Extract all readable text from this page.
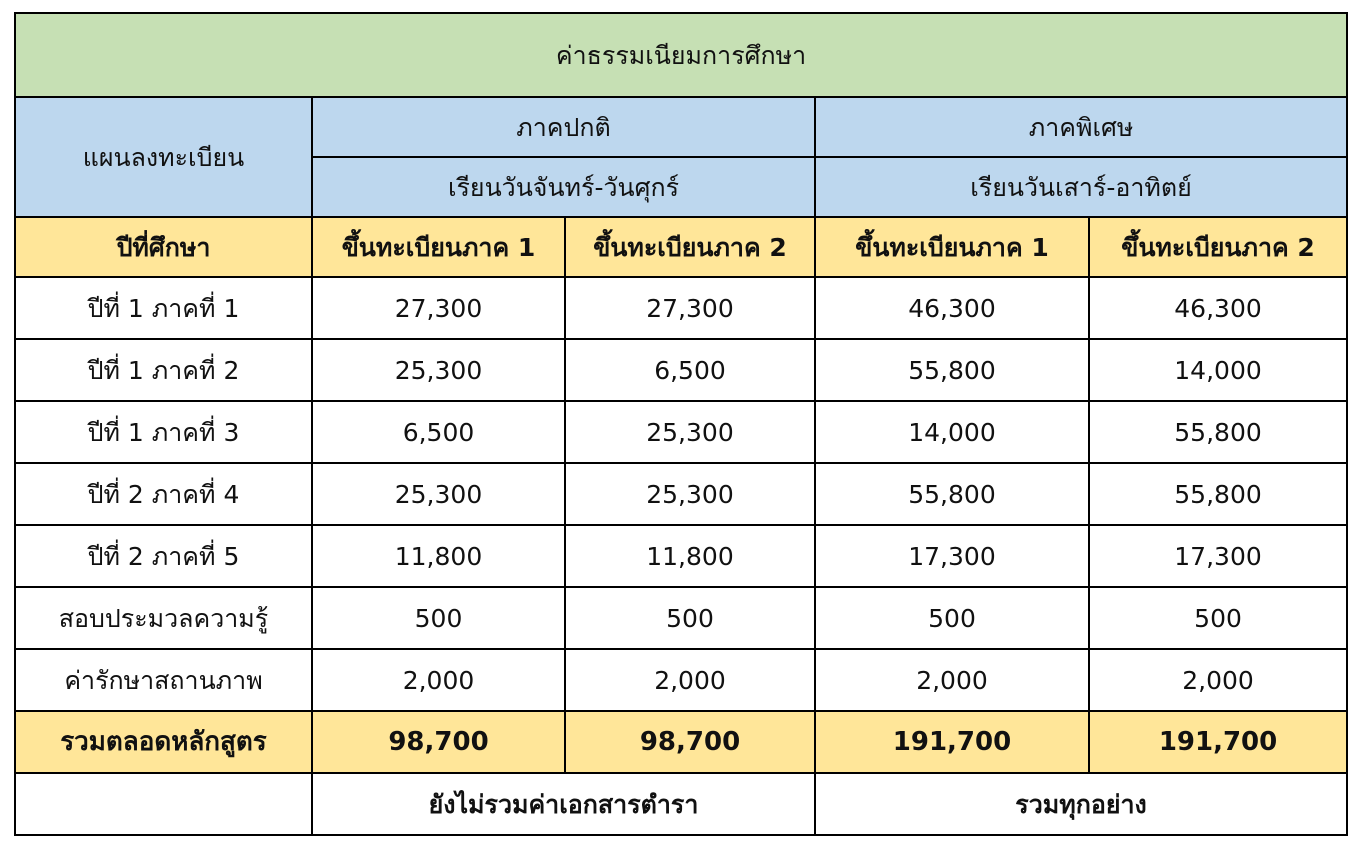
ค่าธรรมเนียมการศึกษา				
แผนลงทะเบียน	ภาคปกติ		ภาคพิเศษ	
	เรียนวันจันทร์-วันศุกร์		เรียนวันเสาร์-อาทิตย์	
ปีที่ศึกษา	ขึ้นทะเบียนภาค 1	ขึ้นทะเบียนภาค 2	ขึ้นทะเบียนภาค 1	ขึ้นทะเบียนภาค 2
ปีที่ 1 ภาคที่ 1	27,300	27,300	46,300	46,300
ปีที่ 1 ภาคที่ 2	25,300	6,500	55,800	14,000
ปีที่ 1 ภาคที่ 3	6,500	25,300	14,000	55,800
ปีที่ 2 ภาคที่ 4	25,300	25,300	55,800	55,800
ปีที่ 2 ภาคที่ 5	11,800	11,800	17,300	17,300
สอบประมวลความรู้	500	500	500	500
ค่ารักษาสถานภาพ	2,000	2,000	2,000	2,000
รวมตลอดหลักสูตร	98,700	98,700	191,700	191,700
	ยังไม่รวมค่าเอกสารตำรา		รวมทุกอย่าง	
